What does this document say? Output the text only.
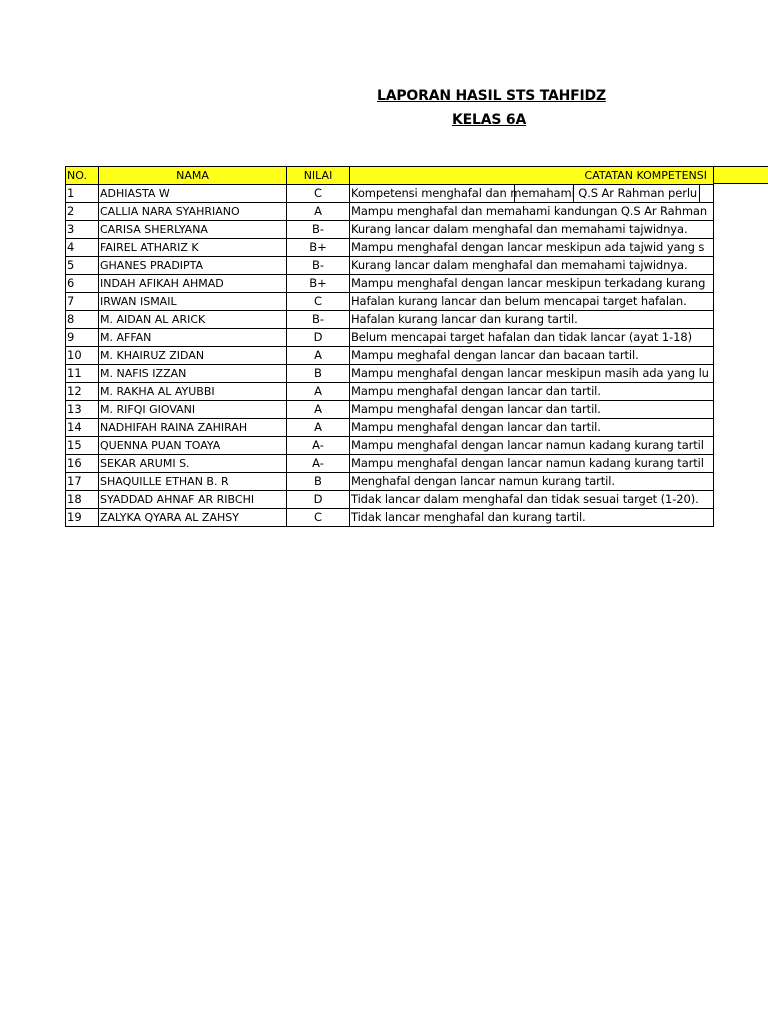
LAPORAN HASIL STS TAHFIDZ
KELAS 6A
NO.	NAMA	NILAI	CATATAN KOMPETENSI
1	ADHIASTA W	C	Kompetensi menghafal dan memahami Q.S Ar Rahman perlu
2	CALLIA NARA SYAHRIANO	A	Mampu menghafal dan memahami kandungan Q.S Ar Rahman
3	CARISA SHERLYANA	B-	Kurang lancar dalam menghafal dan memahami tajwidnya.
4	FAIREL ATHARIZ K	B+	Mampu menghafal dengan lancar meskipun ada tajwid yang s
5	GHANES PRADIPTA	B-	Kurang lancar dalam menghafal dan memahami tajwidnya.
6	INDAH AFIKAH AHMAD	B+	Mampu menghafal dengan lancar meskipun terkadang kurang
7	IRWAN ISMAIL	C	Hafalan kurang lancar dan belum mencapai target hafalan.
8	M. AIDAN AL ARICK	B-	Hafalan kurang lancar dan kurang tartil.
9	M. AFFAN	D	Belum mencapai target hafalan dan tidak lancar (ayat 1-18)
10	M. KHAIRUZ ZIDAN	A	Mampu meghafal dengan lancar dan bacaan tartil.
11	M. NAFIS IZZAN	B	Mampu menghafal dengan lancar meskipun masih ada yang lu
12	M. RAKHA AL AYUBBI	A	Mampu menghafal dengan lancar dan tartil.
13	M. RIFQI GIOVANI	A	Mampu menghafal dengan lancar dan tartil.
14	NADHIFAH RAINA ZAHIRAH	A	Mampu menghafal dengan lancar dan tartil.
15	QUENNA PUAN TOAYA	A-	Mampu menghafal dengan lancar namun kadang kurang tartil
16	SEKAR ARUMI S.	A-	Mampu menghafal dengan lancar namun kadang kurang tartil
17	SHAQUILLE ETHAN B. R	B	Menghafal dengan lancar namun kurang tartil.
18	SYADDAD AHNAF AR RIBCHI	D	Tidak lancar dalam menghafal dan tidak sesuai target (1-20).
19	ZALYKA QYARA AL ZAHSY	C	Tidak lancar menghafal dan kurang tartil.
